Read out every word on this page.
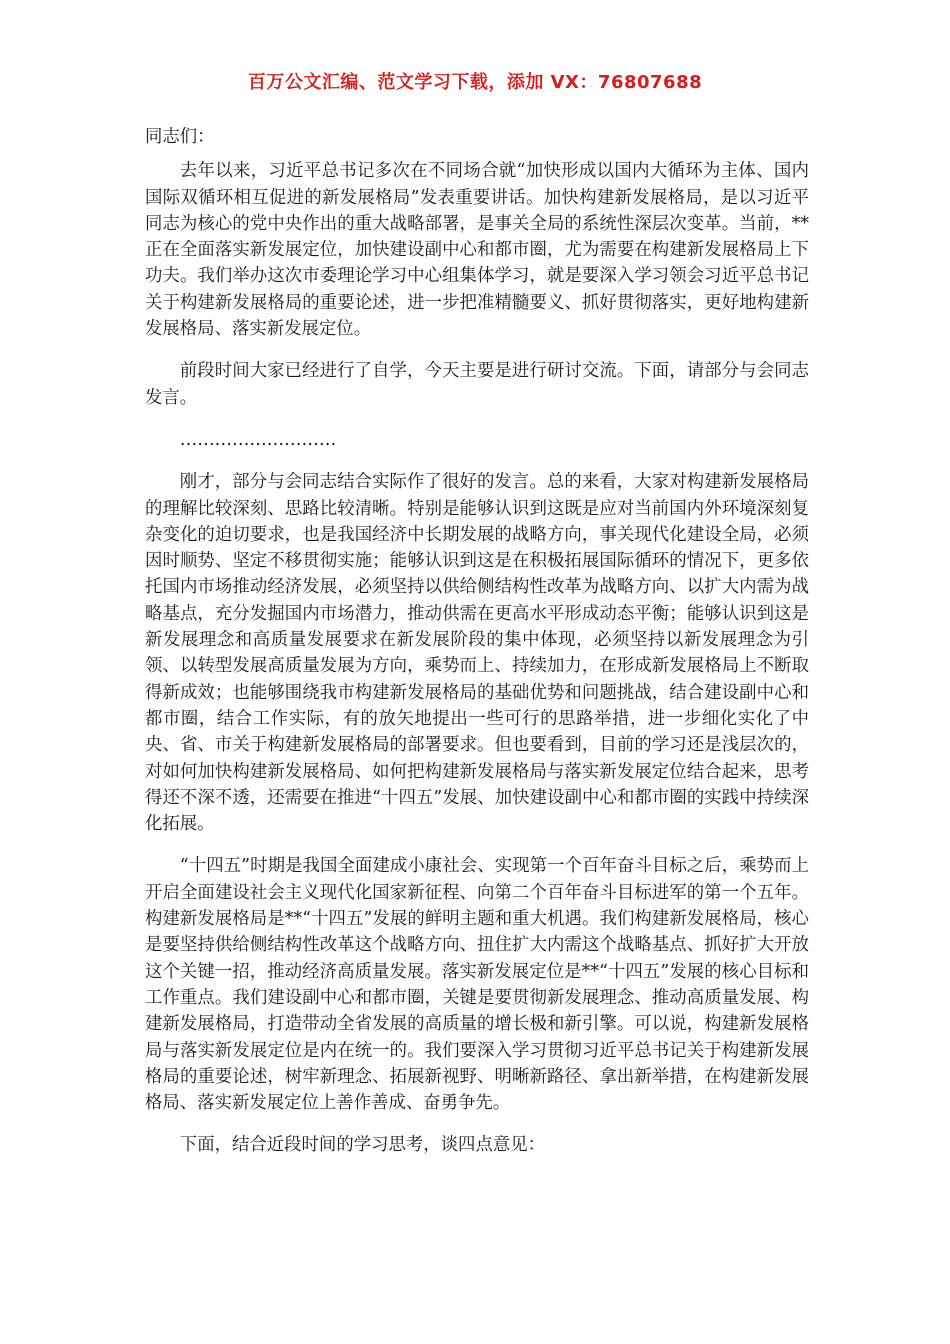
百万公文汇编、范文学习下载，添加 VX：76807688

同志们：

去年以来，习近平总书记多次在不同场合就“加快形成以国内大循环为主体、国内国际双循环相互促进的新发展格局”发表重要讲话。加快构建新发展格局，是以习近平同志为核心的党中央作出的重大战略部署，是事关全局的系统性深层次变革。当前，**正在全面落实新发展定位，加快建设副中心和都市圈，尤为需要在构建新发展格局上下功夫。我们举办这次市委理论学习中心组集体学习，就是要深入学习领会习近平总书记关于构建新发展格局的重要论述，进一步把准精髓要义、抓好贯彻落实，更好地构建新发展格局、落实新发展定位。

前段时间大家已经进行了自学，今天主要是进行研讨交流。下面，请部分与会同志发言。

………………………

刚才，部分与会同志结合实际作了很好的发言。总的来看，大家对构建新发展格局的理解比较深刻、思路比较清晰。特别是能够认识到这既是应对当前国内外环境深刻复杂变化的迫切要求，也是我国经济中长期发展的战略方向，事关现代化建设全局，必须因时顺势、坚定不移贯彻实施；能够认识到这是在积极拓展国际循环的情况下，更多依托国内市场推动经济发展，必须坚持以供给侧结构性改革为战略方向、以扩大内需为战略基点，充分发掘国内市场潜力，推动供需在更高水平形成动态平衡；能够认识到这是新发展理念和高质量发展要求在新发展阶段的集中体现，必须坚持以新发展理念为引领、以转型发展高质量发展为方向，乘势而上、持续加力，在形成新发展格局上不断取得新成效；也能够围绕我市构建新发展格局的基础优势和问题挑战，结合建设副中心和都市圈，结合工作实际，有的放矢地提出一些可行的思路举措，进一步细化实化了中央、省、市关于构建新发展格局的部署要求。但也要看到，目前的学习还是浅层次的，对如何加快构建新发展格局、如何把构建新发展格局与落实新发展定位结合起来，思考得还不深不透，还需要在推进“十四五”发展、加快建设副中心和都市圈的实践中持续深化拓展。

“十四五”时期是我国全面建成小康社会、实现第一个百年奋斗目标之后，乘势而上开启全面建设社会主义现代化国家新征程、向第二个百年奋斗目标进军的第一个五年。构建新发展格局是**“十四五”发展的鲜明主题和重大机遇。我们构建新发展格局，核心是要坚持供给侧结构性改革这个战略方向、扭住扩大内需这个战略基点、抓好扩大开放这个关键一招，推动经济高质量发展。落实新发展定位是**“十四五”发展的核心目标和工作重点。我们建设副中心和都市圈，关键是要贯彻新发展理念、推动高质量发展、构建新发展格局，打造带动全省发展的高质量的增长极和新引擎。可以说，构建新发展格局与落实新发展定位是内在统一的。我们要深入学习贯彻习近平总书记关于构建新发展格局的重要论述，树牢新理念、拓展新视野、明晰新路径、拿出新举措，在构建新发展格局、落实新发展定位上善作善成、奋勇争先。

下面，结合近段时间的学习思考，谈四点意见：
